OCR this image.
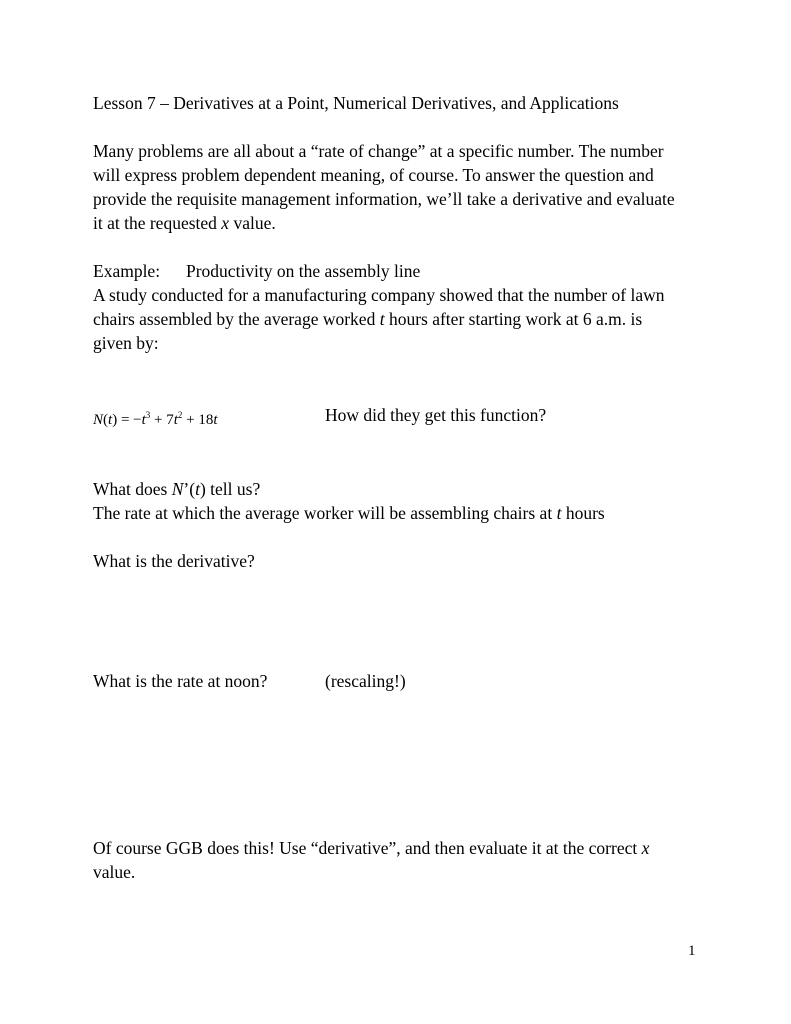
Lesson 7 – Derivatives at a Point, Numerical Derivatives, and Applications
Many problems are all about a “rate of change” at a specific number. The number
will express problem dependent meaning, of course. To answer the question and
provide the requisite management information, we’ll take a derivative and evaluate
it at the requested x value.
Example: Productivity on the assembly line
A study conducted for a manufacturing company showed that the number of lawn
chairs assembled by the average worked t hours after starting work at 6 a.m. is
given by:
$N(t) = -t^3 + 7t^2 + 18t$	How did they get this function?
What does N’(t) tell us?
The rate at which the average worker will be assembling chairs at t hours
What is the derivative?
What is the rate at noon?	(rescaling!)
Of course GGB does this! Use “derivative”, and then evaluate it at the correct x
value.
1
